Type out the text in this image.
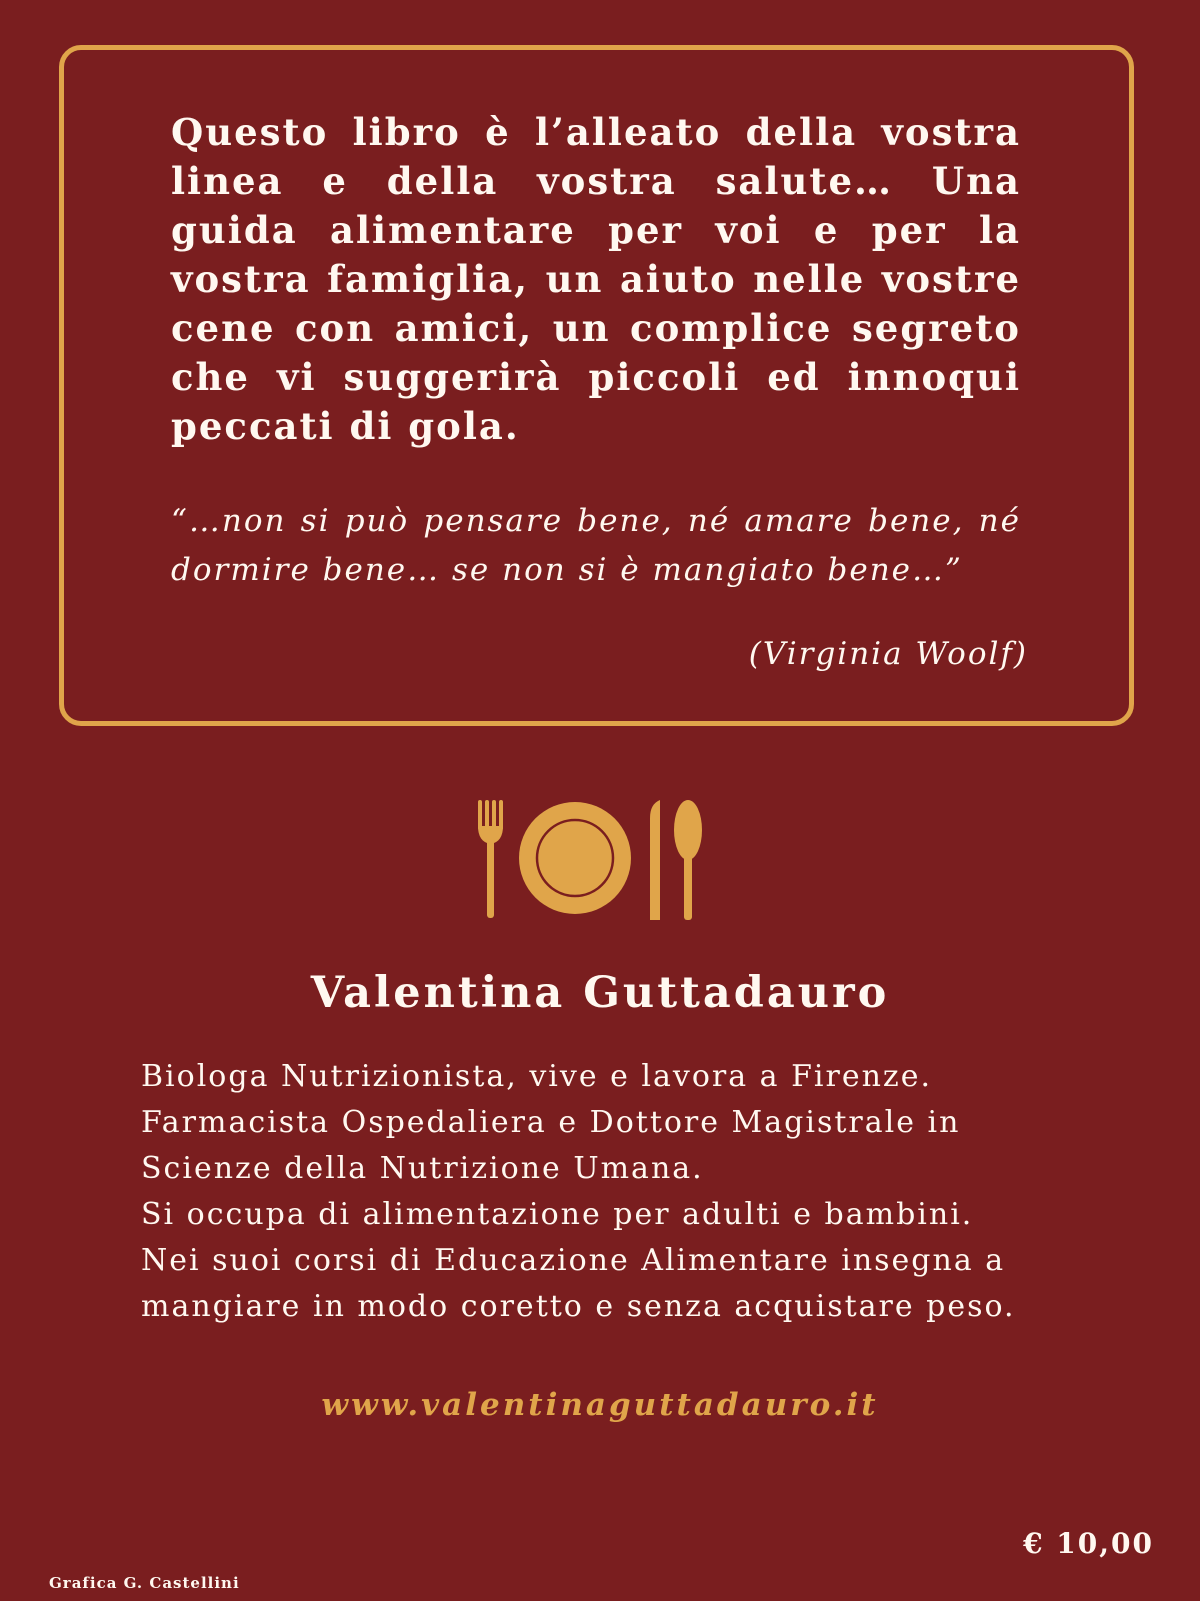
Questo libro è l’alleato della vostra linea e della vostra salute… Una guida alimentare per voi e per la vostra famiglia, un aiuto nelle vostre cene con amici, un complice segreto che vi suggerirà piccoli ed innoqui peccati di gola.

“…non si può pensare bene, né amare bene, né dormire bene… se non si è mangiato bene…”

(Virginia Woolf)

Valentina Guttadauro
Biologa Nutrizionista, vive e lavora a Firenze.
Farmacista Ospedaliera e Dottore Magistrale in
Scienze della Nutrizione Umana.
Si occupa di alimentazione per adulti e bambini.
Nei suoi corsi di Educazione Alimentare insegna a
mangiare in modo coretto e senza acquistare peso.

www.valentinaguttadauro.it

Grafica G. Castellini

€ 10,00
